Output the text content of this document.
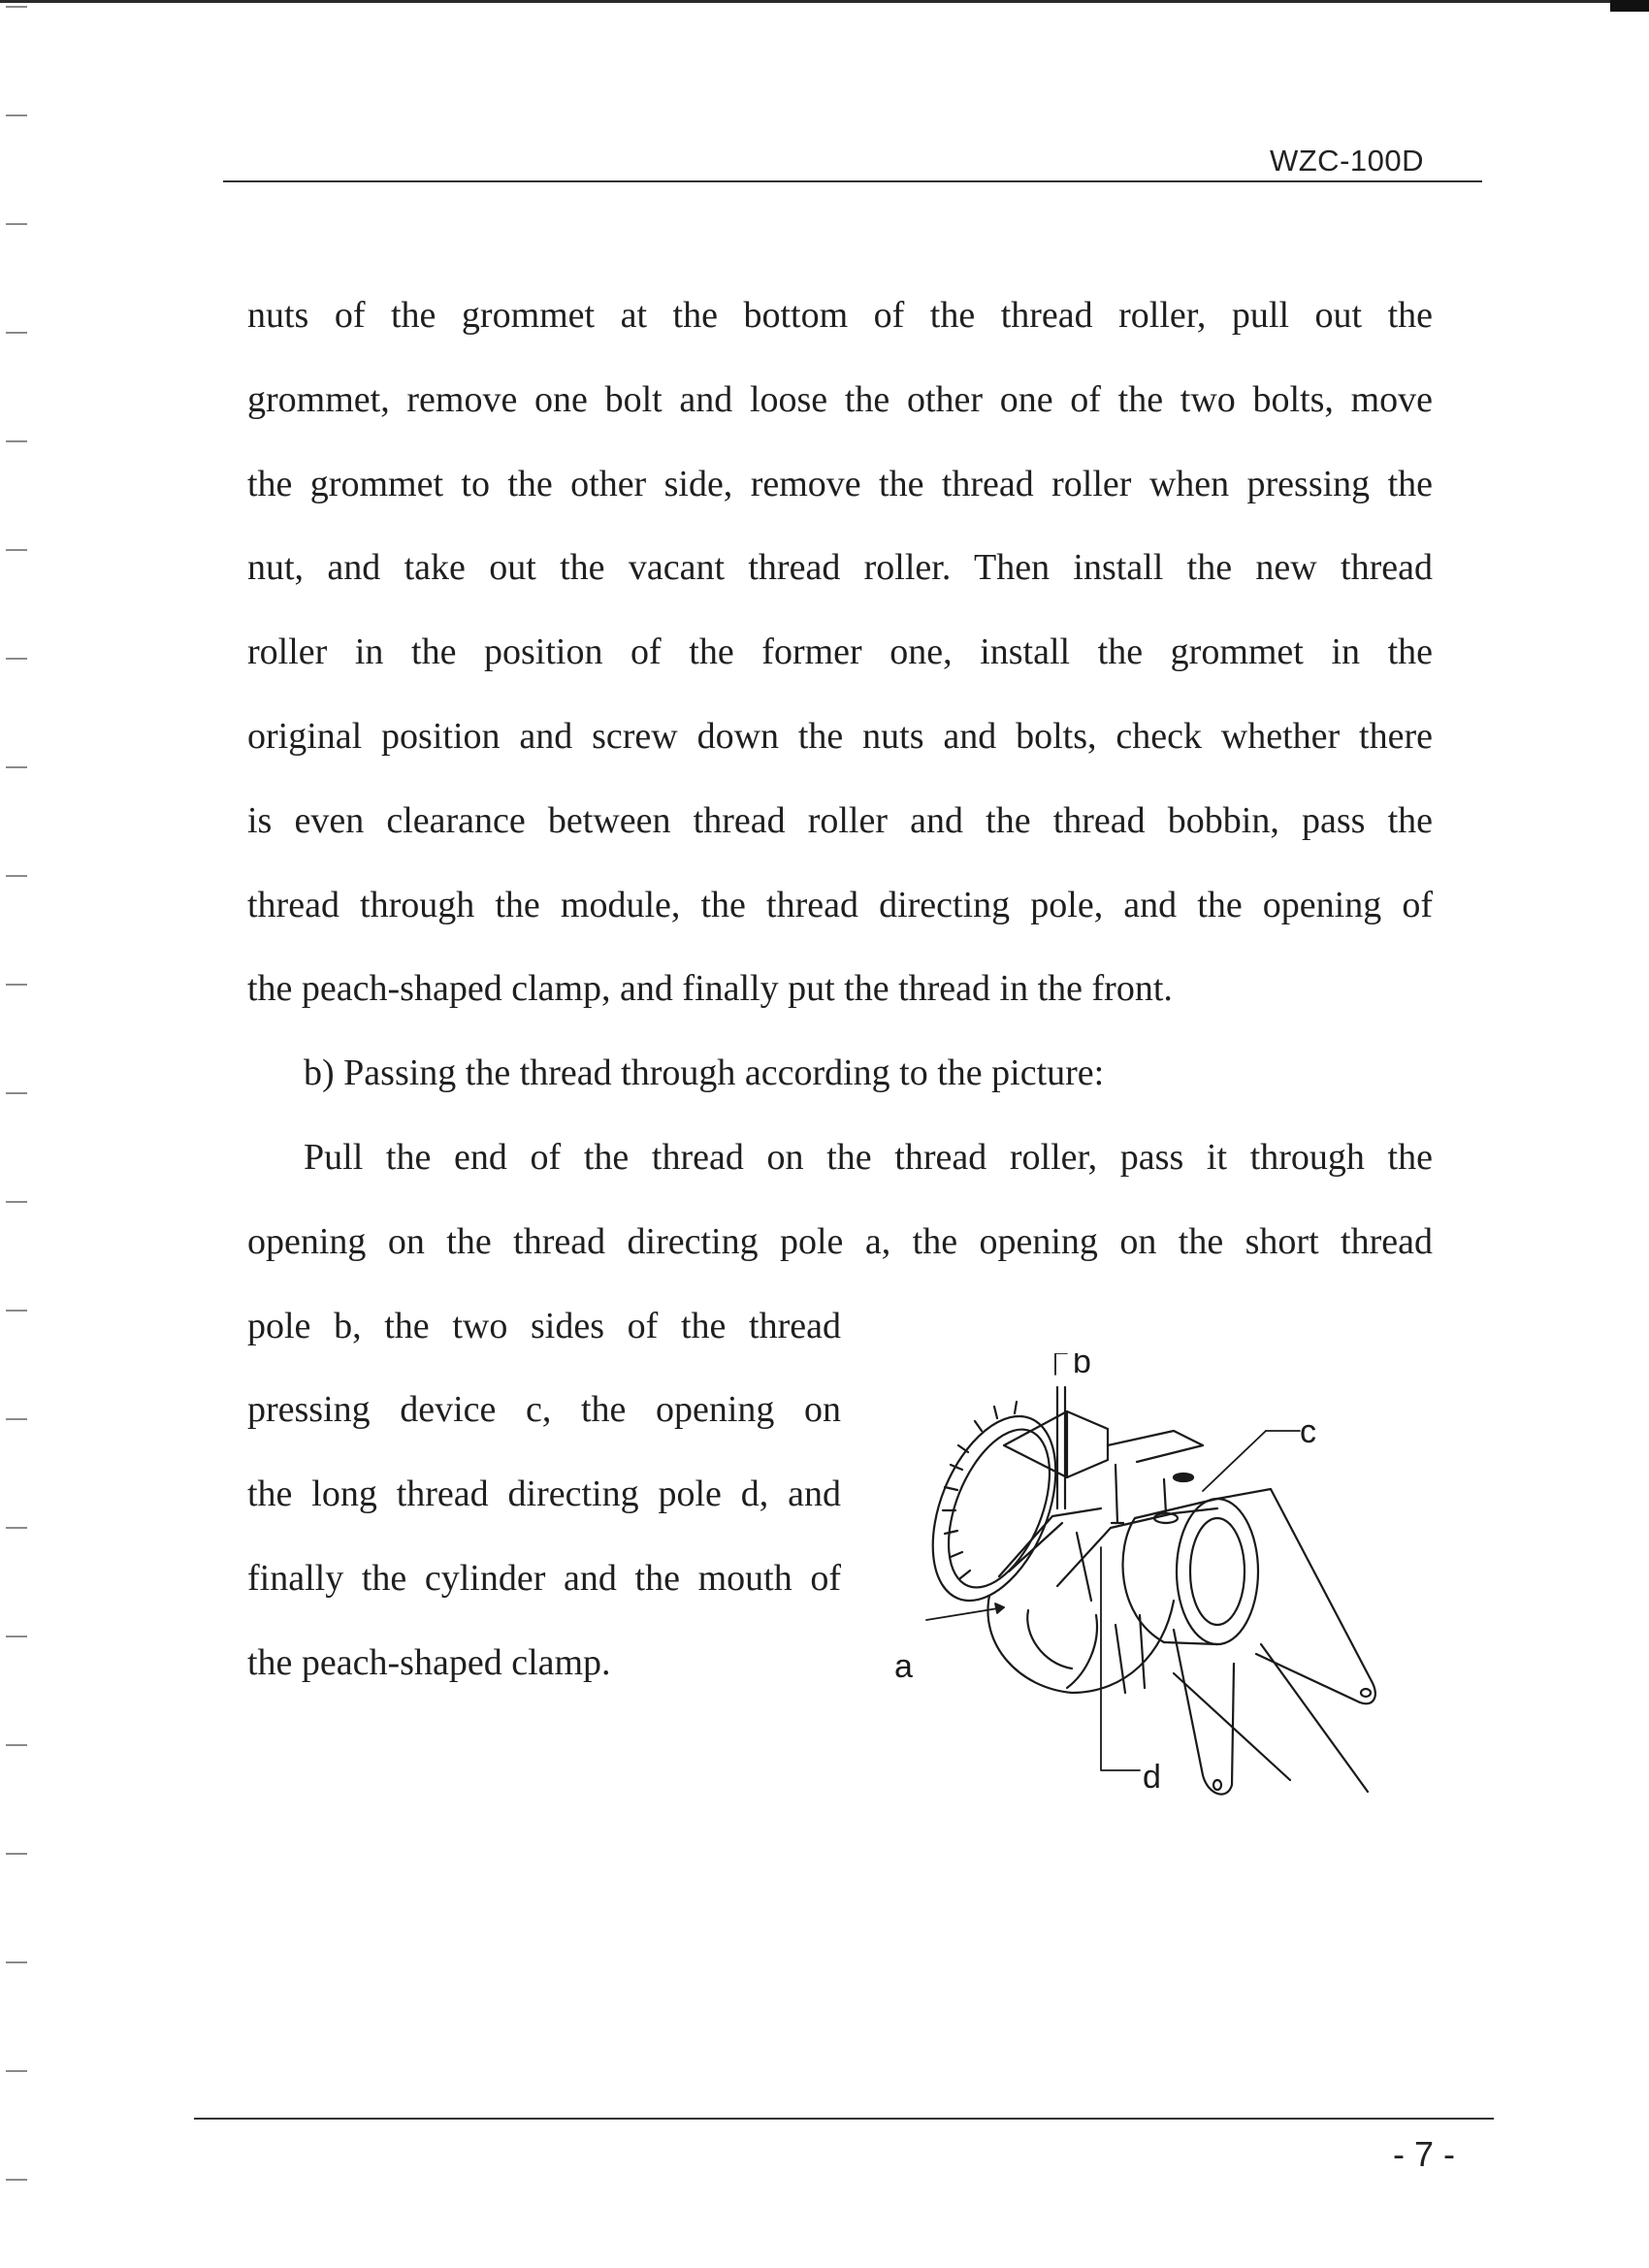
WZC-100D

nuts of the grommet at the bottom of the thread roller, pull out the

grommet, remove one bolt and loose the other one of the two bolts, move

the grommet to the other side, remove the thread roller when pressing the

nut, and take out the vacant thread roller. Then install the new thread

roller in the position of the former one, install the grommet in the

original position and screw down the nuts and bolts, check whether there

is even clearance between thread roller and the thread bobbin, pass the

thread through the module, the thread directing pole, and the opening of

the peach-shaped clamp, and finally put the thread in the front.

b) Passing the thread through according to the picture:

Pull the end of the thread on the thread roller, pass it through the

opening on the thread directing pole a, the opening on the short thread

pole b, the two sides of the thread

pressing device c, the opening on

the long thread directing pole d, and

finally the cylinder and the mouth of

the peach-shaped clamp.

b
c
a
d
- 7 -
